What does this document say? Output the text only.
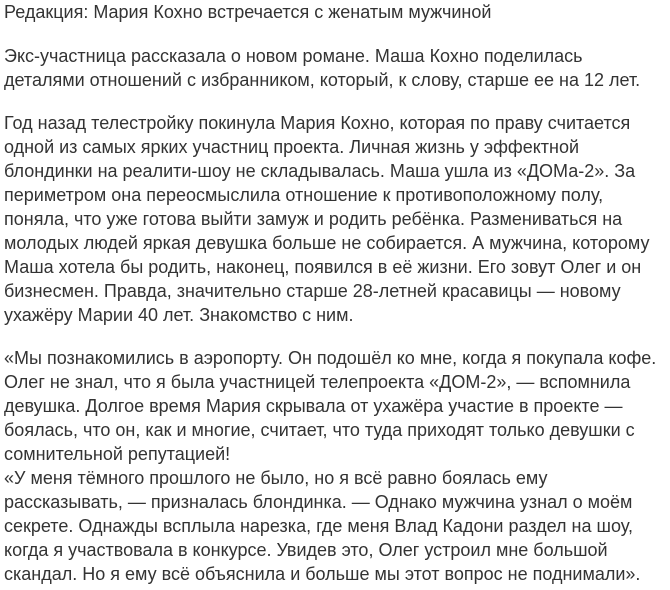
Редакция: Мария Кохно встречается с женатым мужчиной

Экс-участница рассказала о новом романе. Маша Кохно поделилась деталями отношений с избранником, который, к слову, старше ее на 12 лет.

Год назад телестройку покинула Мария Кохно, которая по праву считается одной из самых ярких участниц проекта. Личная жизнь у эффектной блондинки на реалити-шоу не складывалась. Маша ушла из «ДОМа-2». За периметром она переосмыслила отношение к противоположному полу, поняла, что уже готова выйти замуж и родить ребёнка. Размениваться на молодых людей яркая девушка больше не собирается. А мужчина, которому Маша хотела бы родить, наконец, появился в её жизни. Его зовут Олег и он бизнесмен. Правда, значительно старше 28-летней красавицы — новому ухажёру Марии 40 лет. Знакомство с ним.

«Мы познакомились в аэропорту. Он подошёл ко мне, когда я покупала кофе. Олег не знал, что я была участницей телепроекта «ДОМ-2», — вспомнила девушка. Долгое время Мария скрывала от ухажёра участие в проекте — боялась, что он, как и многие, считает, что туда приходят только девушки с сомнительной репутацией!

«У меня тёмного прошлого не было, но я всё равно боялась ему рассказывать, — призналась блондинка. — Однако мужчина узнал о моём секрете. Однажды всплыла нарезка, где меня Влад Кадони раздел на шоу, когда я участвовала в конкурсе. Увидев это, Олег устроил мне большой скандал. Но я ему всё объяснила и больше мы этот вопрос не поднимали».
